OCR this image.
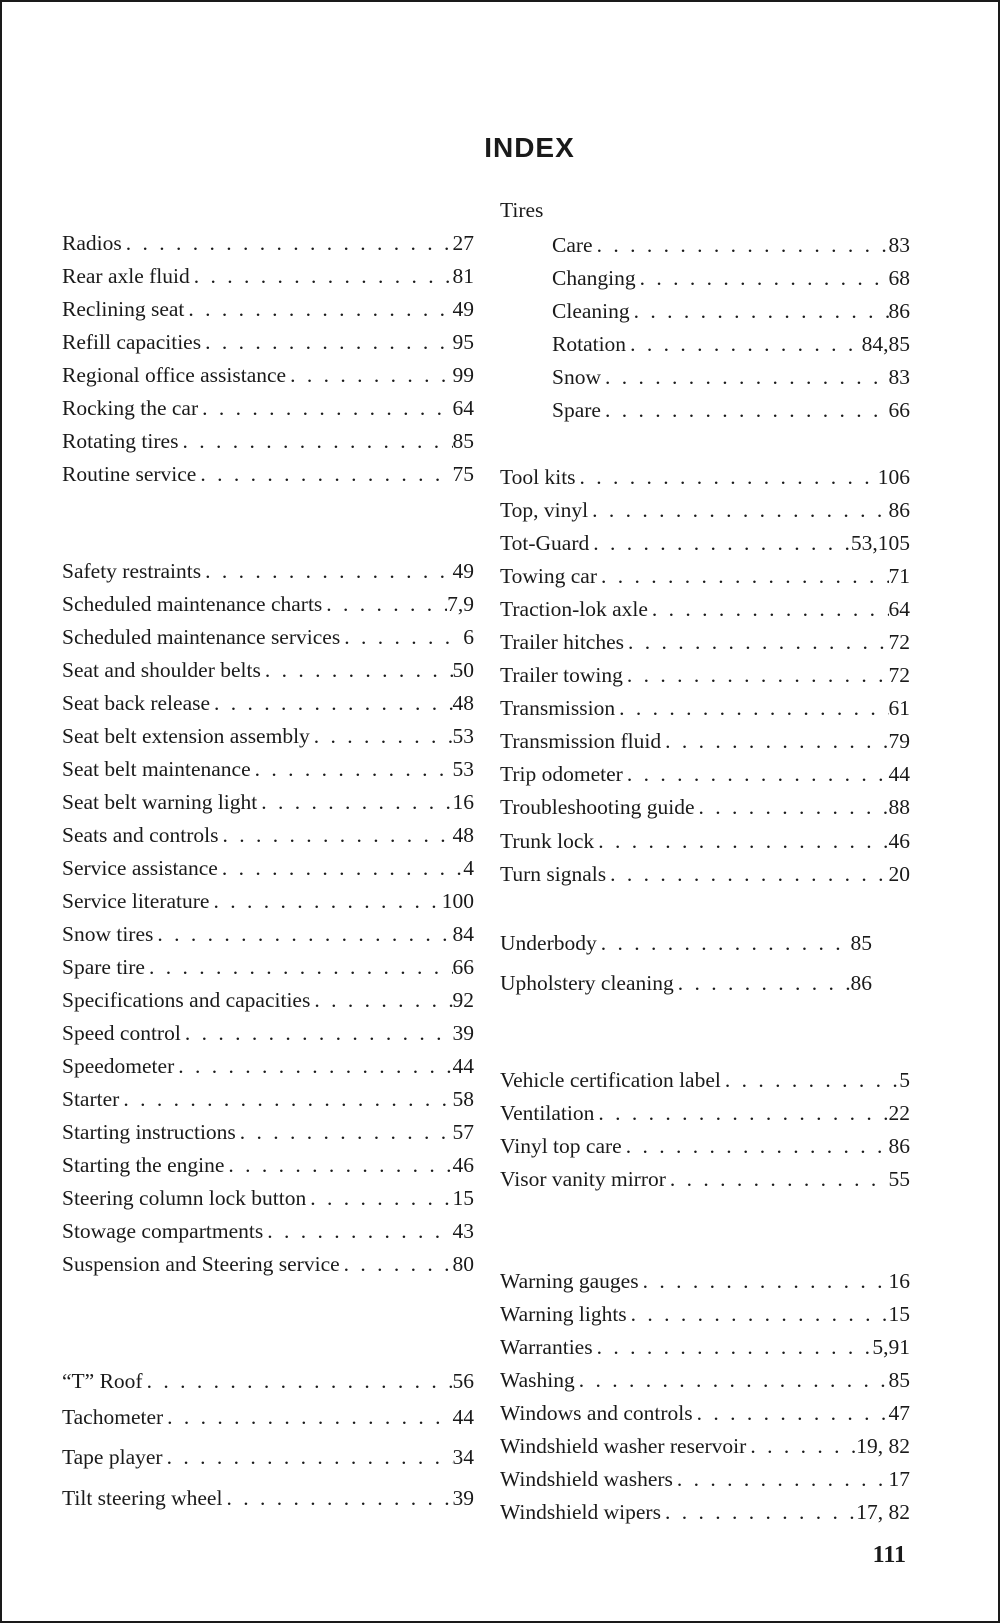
INDEX
Radios . . .	27
Rear axle fluid . . .	81
Reclining seat . . .	49
Refill capacities . . .	95
Regional office assistance . . .	99
Rocking the car . . .	64
Rotating tires . . .	85
Routine service . . .	75
Safety restraints . . .	49
Scheduled maintenance charts . . .	7,9
Scheduled maintenance services . . .	6
Seat and shoulder belts . . .	50
Seat back release . . .	48
Seat belt extension assembly . . .	53
Seat belt maintenance . . .	53
Seat belt warning light . . .	16
Seats and controls . . .	48
Service assistance . . .	4
Service literature . . .	100
Snow tires . . .	84
Spare tire . . .	66
Specifications and capacities . . .	92
Speed control . . .	39
Speedometer . . .	44
Starter . . .	58
Starting instructions . . .	57
Starting the engine . . .	46
Steering column lock button . . .	15
Stowage compartments . . .	43
Suspension and Steering service . . .	80
“T” Roof . . .	56
Tachometer . . .	44
Tape player . . .	34
Tilt steering wheel . . .	39
Tires
Care . . .	83
Changing . . .	68
Cleaning . . .	86
Rotation . . .	84,85
Snow . . .	83
Spare . . .	66
Tool kits . . .	106
Top, vinyl . . .	86
Tot-Guard . . .	53,105
Towing car . . .	71
Traction-lok axle . . .	64
Trailer hitches . . .	72
Trailer towing . . .	72
Transmission . . .	61
Transmission fluid . . .	79
Trip odometer . . .	44
Troubleshooting guide . . .	88
Trunk lock . . .	46
Turn signals . . .	20
Underbody . . .	85
Upholstery cleaning . . .	86
Vehicle certification label . . .	5
Ventilation . . .	22
Vinyl top care . . .	86
Visor vanity mirror . . .	55
Warning gauges . . .	16
Warning lights . . .	15
Warranties . . .	5,91
Washing . . .	85
Windows and controls . . .	47
Windshield washer reservoir . . .	19, 82
Windshield washers . . .	17
Windshield wipers . . .	17, 82
111
